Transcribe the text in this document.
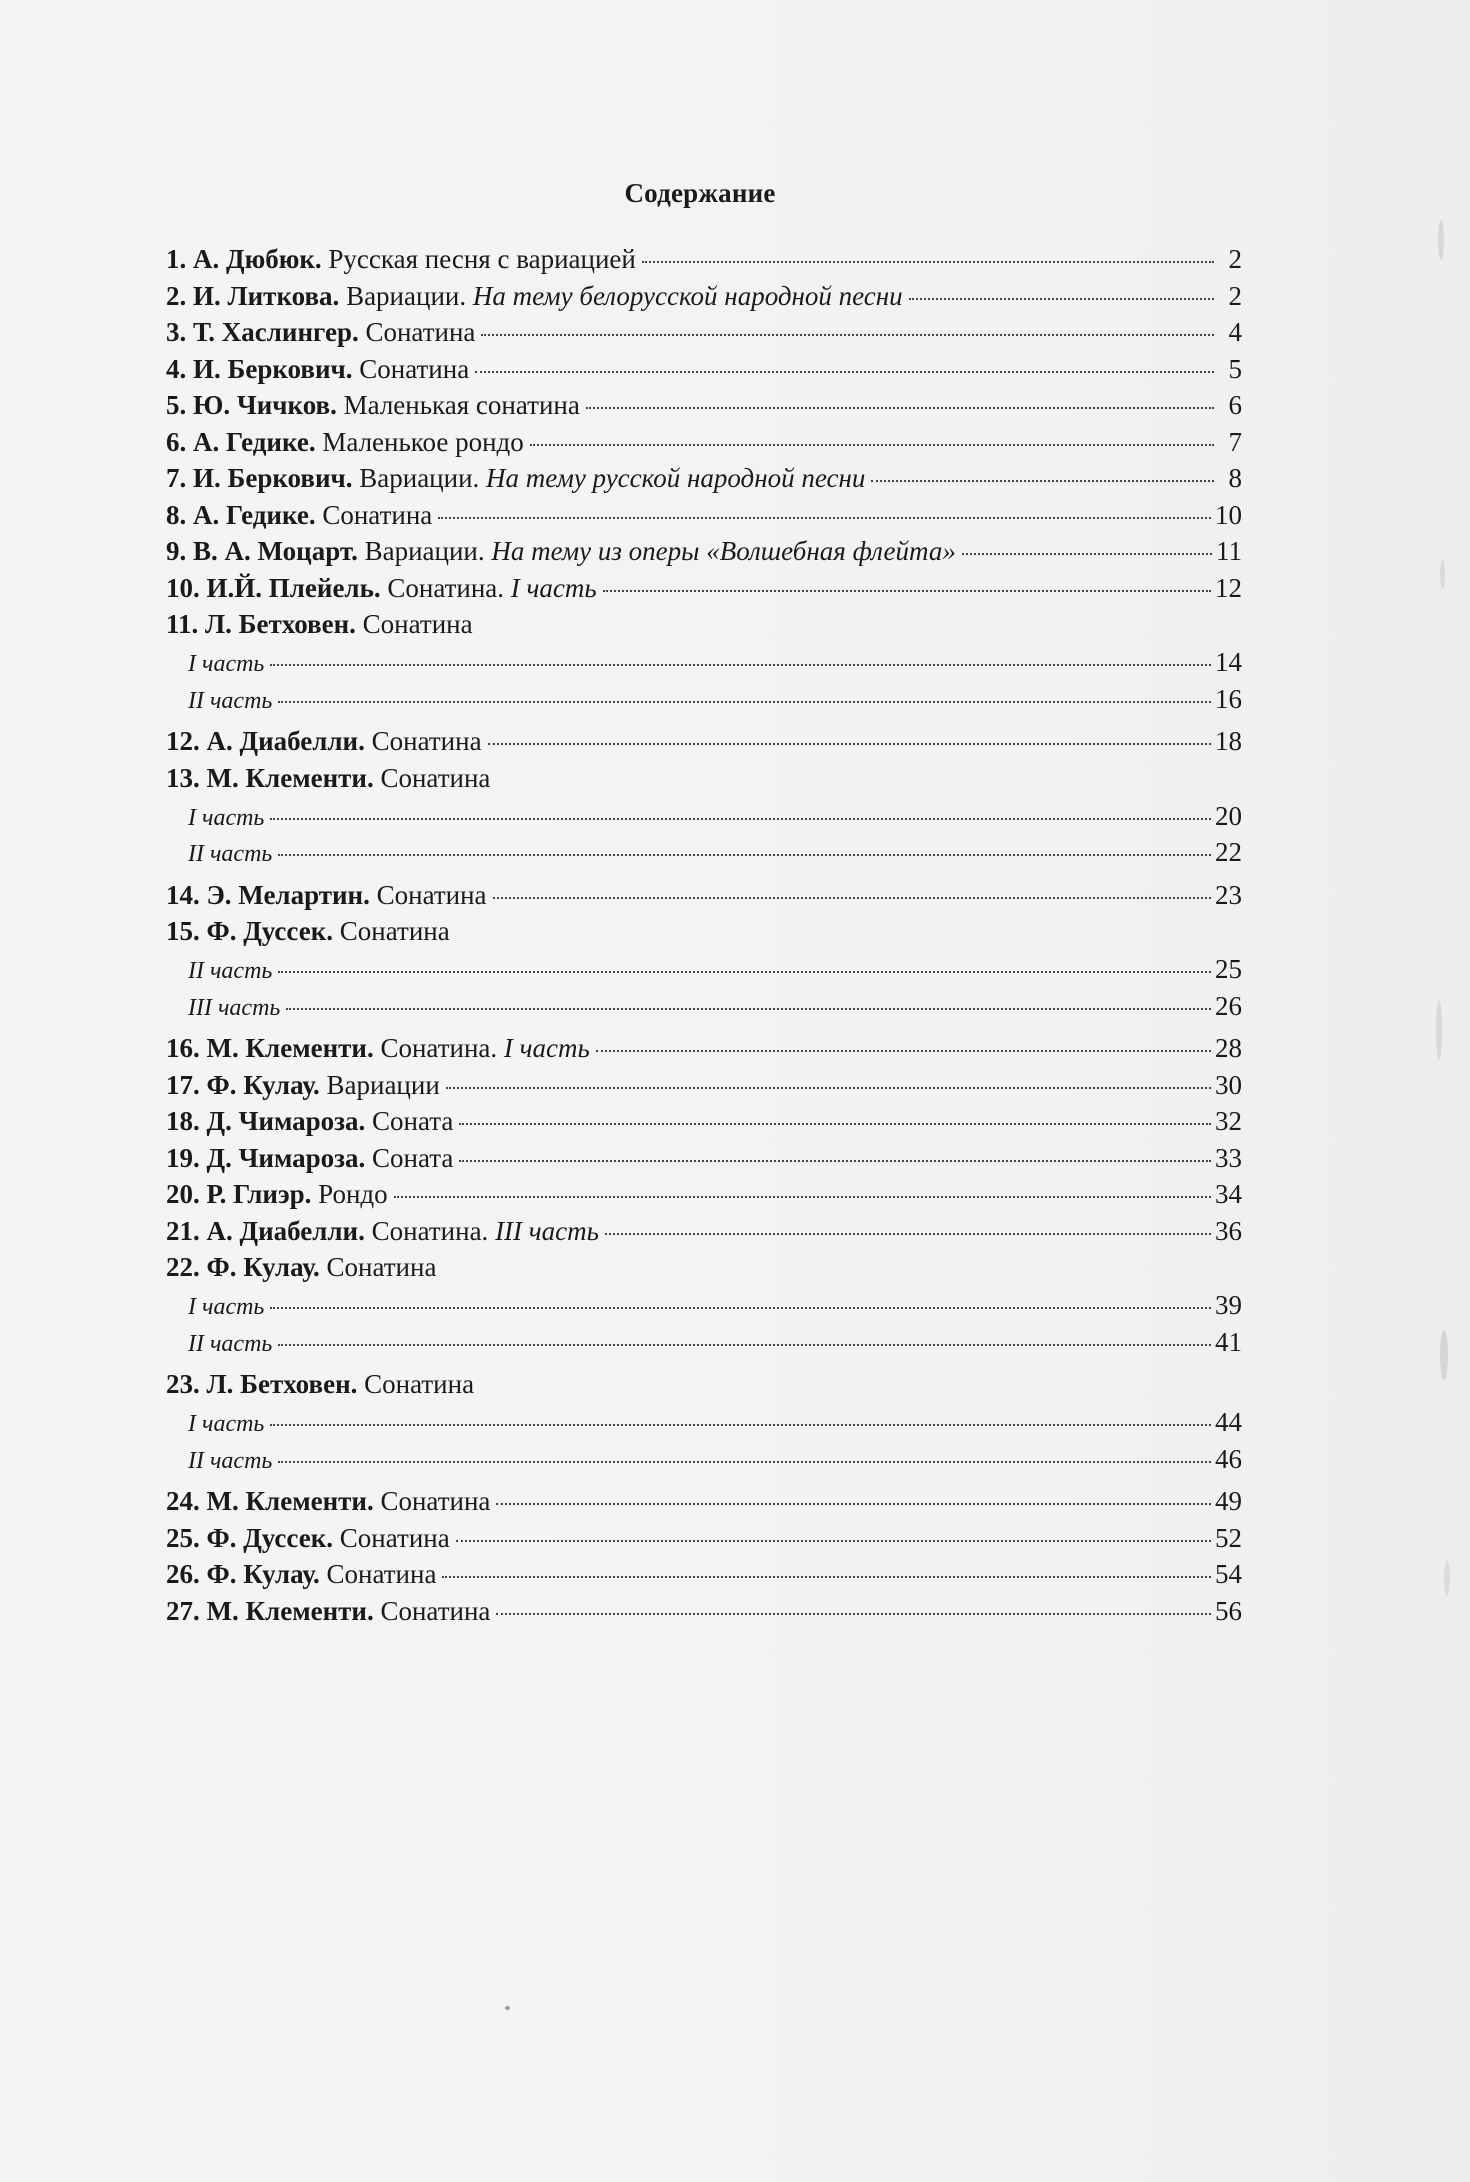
Содержание
1. А. Дюбюк. Русская песня с вариацией	2
2. И. Литкова. Вариации. На тему белорусской народной песни	2
3. Т. Хаслингер. Сонатина	4
4. И. Беркович. Сонатина	5
5. Ю. Чичков. Маленькая сонатина	6
6. А. Гедике. Маленькое рондо	7
7. И. Беркович. Вариации. На тему русской народной песни	8
8. А. Гедике. Сонатина	10
9. В. А. Моцарт. Вариации. На тему из оперы «Волшебная флейта»	11
10. И.Й. Плейель. Сонатина. I часть	12
11. Л. Бетховен. Сонатина
I часть	14
II часть	16
12. А. Диабелли. Сонатина	18
13. М. Клементи. Сонатина
I часть	20
II часть	22
14. Э. Мелартин. Сонатина	23
15. Ф. Дуссек. Сонатина
II часть	25
III часть	26
16. М. Клементи. Сонатина. I часть	28
17. Ф. Кулау. Вариации	30
18. Д. Чимароза. Соната	32
19. Д. Чимароза. Соната	33
20. Р. Глиэр. Рондо	34
21. А. Диабелли. Сонатина. III часть	36
22. Ф. Кулау. Сонатина
I часть	39
II часть	41
23. Л. Бетховен. Сонатина
I часть	44
II часть	46
24. М. Клементи. Сонатина	49
25. Ф. Дуссек. Сонатина	52
26. Ф. Кулау. Сонатина	54
27. М. Клементи. Сонатина	56
